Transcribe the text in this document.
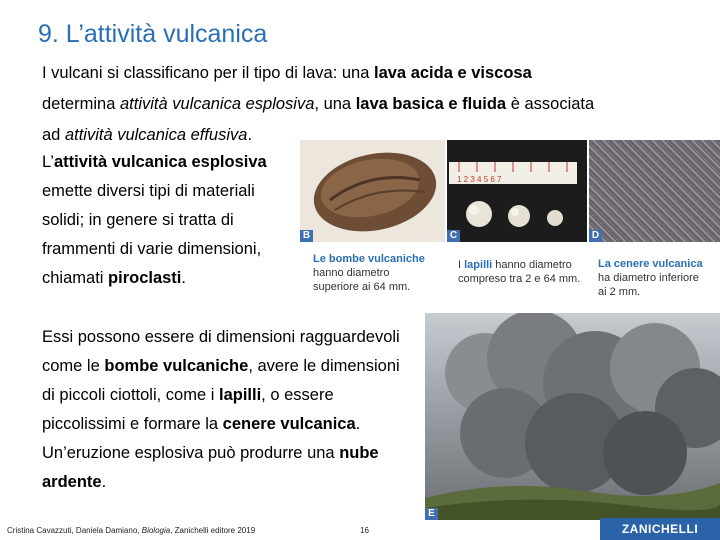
9. L’attività vulcanica
I vulcani si classificano per il tipo di lava: una lava acida e viscosa determina attività vulcanica esplosiva, una lava basica e fluida è associata ad attività vulcanica effusiva.
L’attività vulcanica esplosiva emette diversi tipi di materiali solidi; in genere si tratta di frammenti di varie dimensioni, chiamati piroclasti.
Essi possono essere di dimensioni ragguardevoli come le bombe vulcaniche, avere le dimensioni di piccoli ciottoli, come i lapilli, o essere piccolissimi e formare la cenere vulcanica.
Un’eruzione esplosiva può produrre una nube ardente.
B
1 2 3 4 5 6 7
C	D
Le bombe vulcaniche hanno diametro superiore ai 64 mm.
I lapilli hanno diametro compreso tra 2 e 64 mm.
La cenere vulcanica ha diametro inferiore ai 2 mm.
E
Cristina Cavazzuti, Daniela Damiano, Biologia, Zanichelli editore 2019	16	ZANICHELLI
